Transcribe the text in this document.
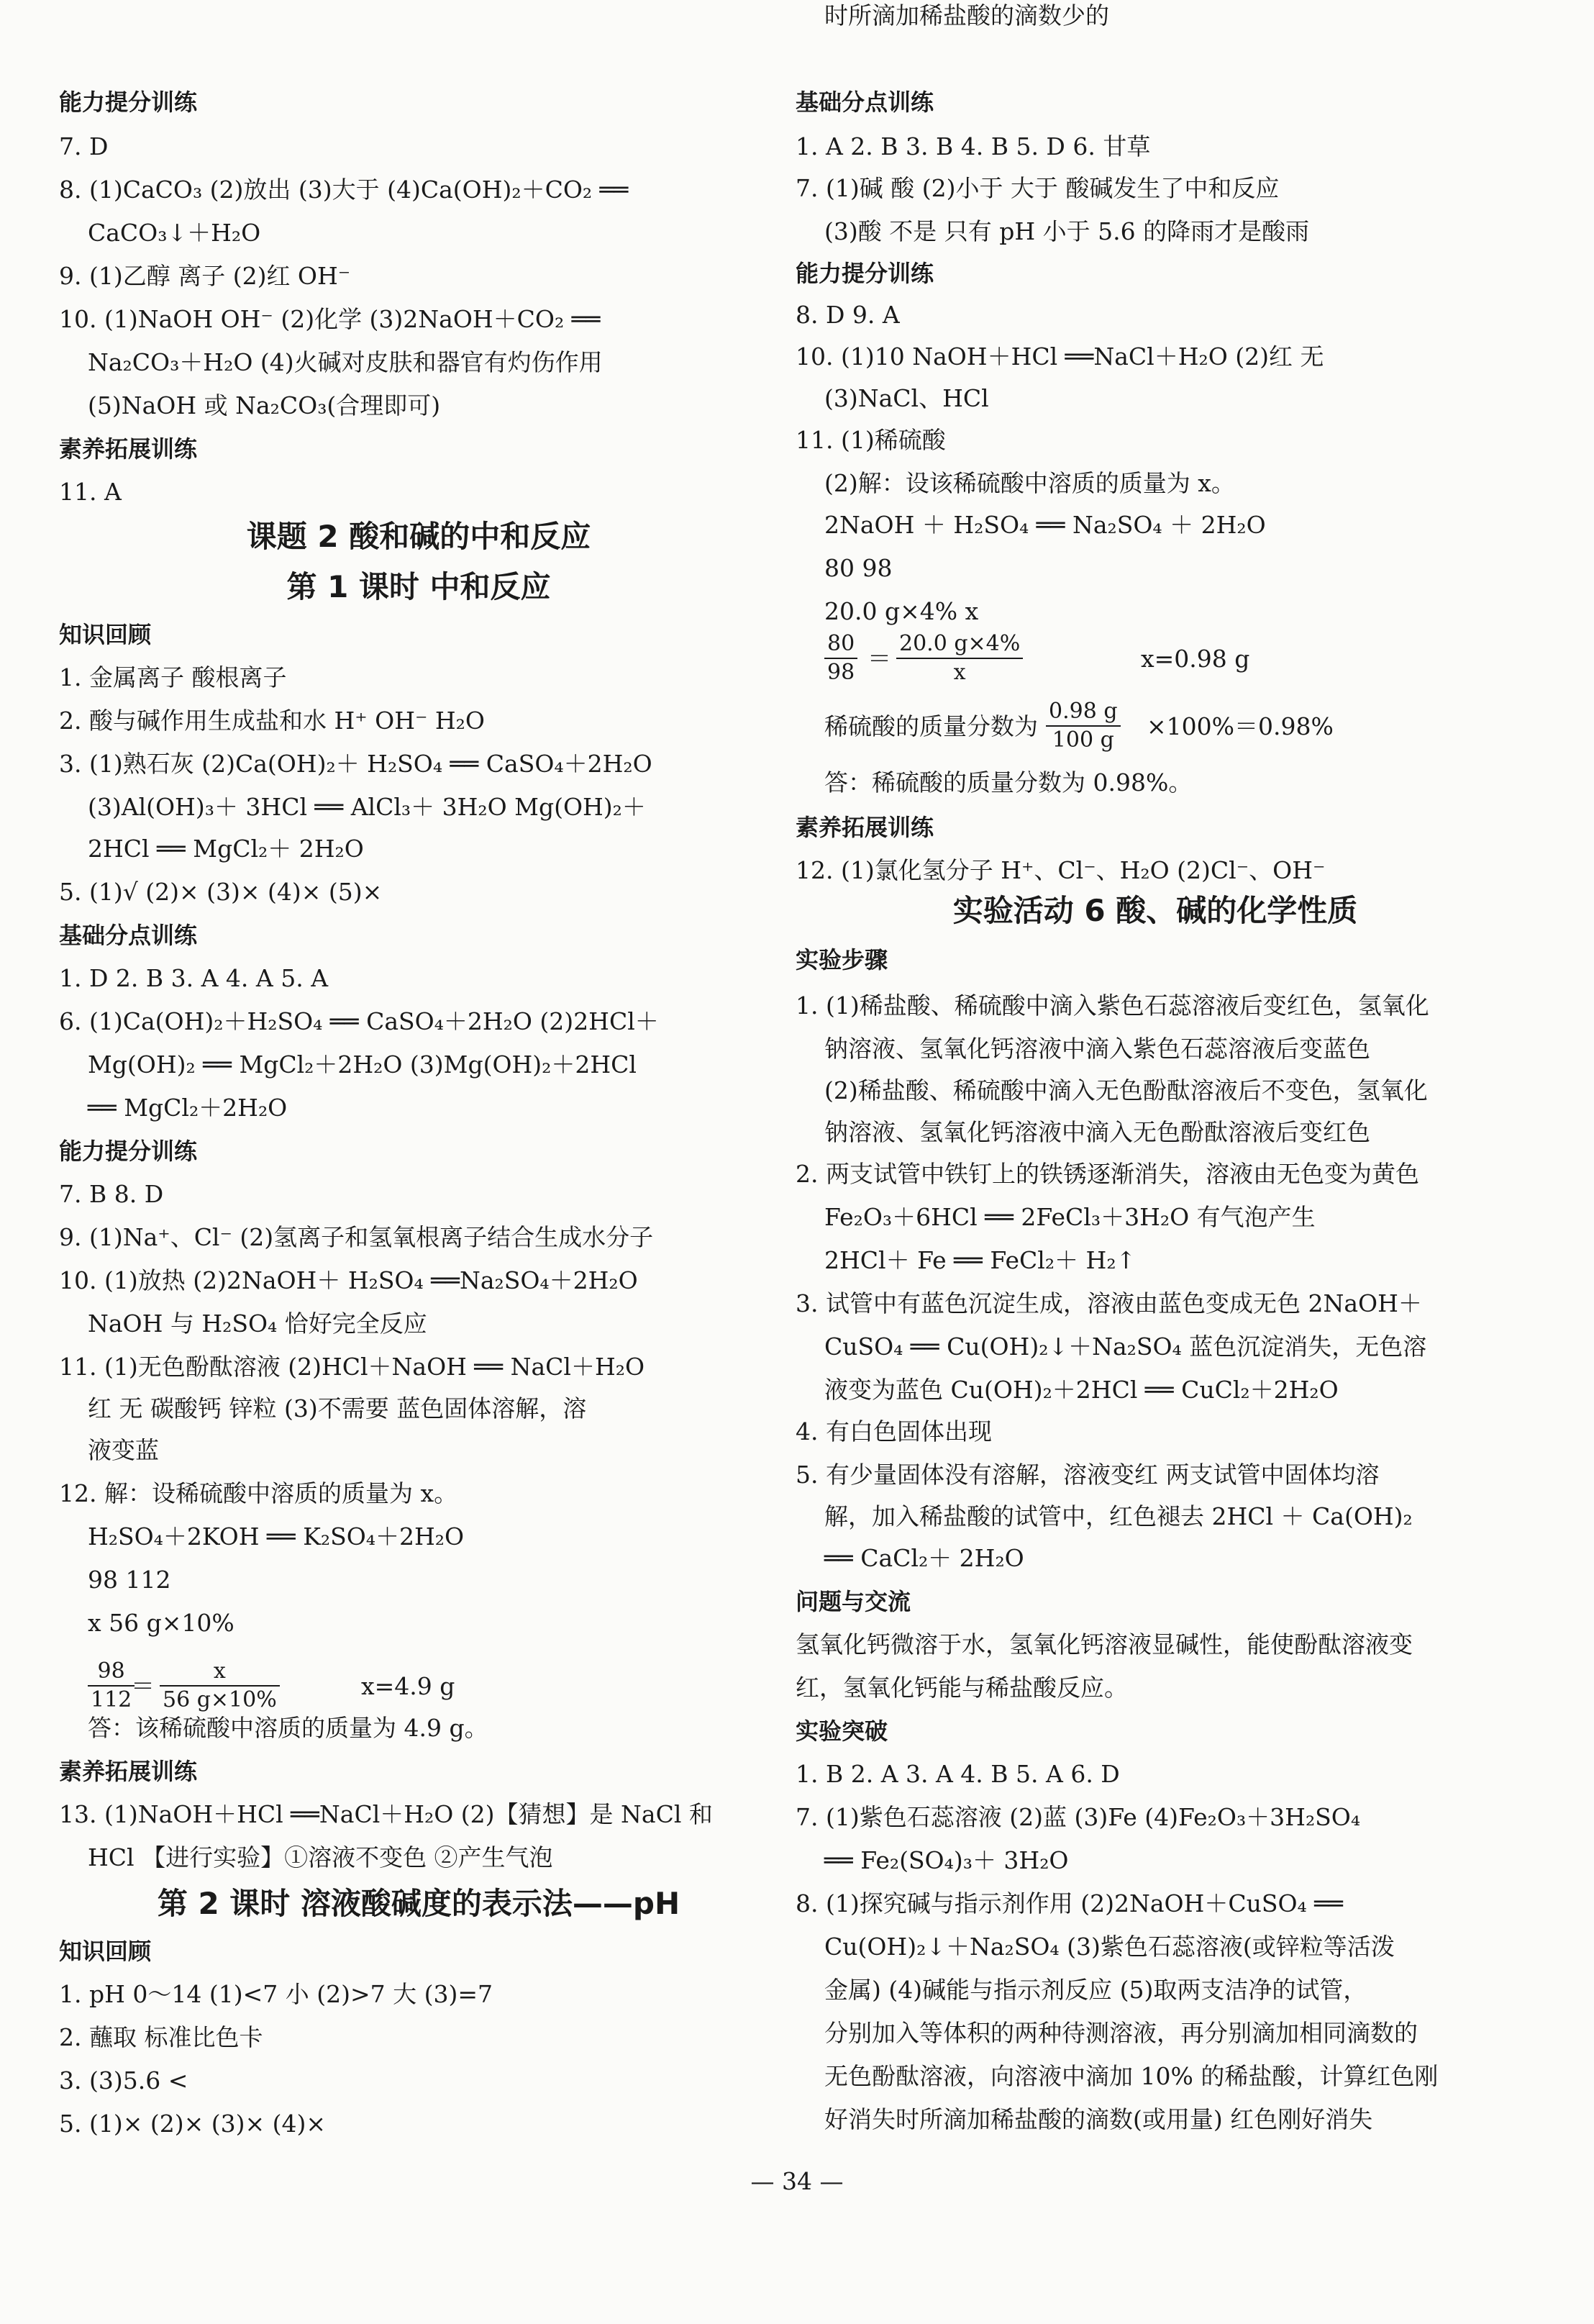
能力提分训练
7. D
8. (1)CaCO₃ (2)放出 (3)大于 (4)Ca(OH)₂＋CO₂ ══
CaCO₃↓＋H₂O
9. (1)乙醇 离子 (2)红 OH⁻
10. (1)NaOH OH⁻ (2)化学 (3)2NaOH＋CO₂ ══
Na₂CO₃＋H₂O (4)火碱对皮肤和器官有灼伤作用
(5)NaOH 或 Na₂CO₃(合理即可)
素养拓展训练
11. A
课题 2 酸和碱的中和反应
第 1 课时 中和反应
知识回顾
1. 金属离子 酸根离子
2. 酸与碱作用生成盐和水 H⁺ OH⁻ H₂O
3. (1)熟石灰 (2)Ca(OH)₂＋ H₂SO₄ ══ CaSO₄＋2H₂O
(3)Al(OH)₃＋ 3HCl ══ AlCl₃＋ 3H₂O Mg(OH)₂＋
2HCl ══ MgCl₂＋ 2H₂O
5. (1)√ (2)× (3)× (4)× (5)×
基础分点训练
1. D 2. B 3. A 4. A 5. A
6. (1)Ca(OH)₂＋H₂SO₄ ══ CaSO₄＋2H₂O (2)2HCl＋
Mg(OH)₂ ══ MgCl₂＋2H₂O (3)Mg(OH)₂＋2HCl
══ MgCl₂＋2H₂O
能力提分训练
7. B 8. D
9. (1)Na⁺、Cl⁻ (2)氢离子和氢氧根离子结合生成水分子
10. (1)放热 (2)2NaOH＋ H₂SO₄ ══Na₂SO₄＋2H₂O
NaOH 与 H₂SO₄ 恰好完全反应
11. (1)无色酚酞溶液 (2)HCl＋NaOH ══ NaCl＋H₂O
红 无 碳酸钙 锌粒 (3)不需要 蓝色固体溶解，溶
液变蓝
12. 解：设稀硫酸中溶质的质量为 x。
H₂SO₄＋2KOH ══ K₂SO₄＋2H₂O
98 112
x 56 g×10%
$\frac{98}{112}$
＝ $\frac{x}{56 g\times 10\%}$	x=4.9 g
答：该稀硫酸中溶质的质量为 4.9 g。
素养拓展训练
13. (1)NaOH＋HCl ══NaCl＋H₂O (2)【猜想】是 NaCl 和
HCl 【进行实验】①溶液不变色 ②产生气泡
第 2 课时 溶液酸碱度的表示法——pH
知识回顾
1. pH 0～14 (1)<7 小 (2)>7 大 (3)=7
2. 蘸取 标准比色卡
3. (3)5.6 <
5. (1)× (2)× (3)× (4)×
基础分点训练
1. A 2. B 3. B 4. B 5. D 6. 甘草
7. (1)碱 酸 (2)小于 大于 酸碱发生了中和反应
(3)酸 不是 只有 pH 小于 5.6 的降雨才是酸雨
能力提分训练
8. D 9. A
10. (1)10 NaOH＋HCl ══NaCl＋H₂O (2)红 无
(3)NaCl、HCl
11. (1)稀硫酸
(2)解：设该稀硫酸中溶质的质量为 x。
2NaOH ＋ H₂SO₄ ══ Na₂SO₄ ＋ 2H₂O
80 98
20.0 g×4% x
$\frac{80}{98} = \frac{20.0 g\times 4\%}{x}$	x=0.98 g
稀硫酸的质量分数为 $\frac{0.98 g}{100 g} \times 100\%=0.98\%$
答：稀硫酸的质量分数为 0.98%。
素养拓展训练
12. (1)氯化氢分子 H⁺、Cl⁻、H₂O (2)Cl⁻、OH⁻
实验活动 6 酸、碱的化学性质
实验步骤
1. (1)稀盐酸、稀硫酸中滴入紫色石蕊溶液后变红色，氢氧化
钠溶液、氢氧化钙溶液中滴入紫色石蕊溶液后变蓝色
(2)稀盐酸、稀硫酸中滴入无色酚酞溶液后不变色，氢氧化
钠溶液、氢氧化钙溶液中滴入无色酚酞溶液后变红色
2. 两支试管中铁钉上的铁锈逐渐消失，溶液由无色变为黄色
Fe₂O₃＋6HCl ══ 2FeCl₃＋3H₂O 有气泡产生
2HCl＋ Fe ══ FeCl₂＋ H₂↑
3. 试管中有蓝色沉淀生成，溶液由蓝色变成无色 2NaOH＋
CuSO₄ ══ Cu(OH)₂↓＋Na₂SO₄ 蓝色沉淀消失，无色溶
液变为蓝色 Cu(OH)₂＋2HCl ══ CuCl₂＋2H₂O
4. 有白色固体出现
5. 有少量固体没有溶解，溶液变红 两支试管中固体均溶
解，加入稀盐酸的试管中，红色褪去 2HCl ＋ Ca(OH)₂
══ CaCl₂＋ 2H₂O
问题与交流
氢氧化钙微溶于水，氢氧化钙溶液显碱性，能使酚酞溶液变
红，氢氧化钙能与稀盐酸反应。
实验突破
1. B 2. A 3. A 4. B 5. A 6. D
7. (1)紫色石蕊溶液 (2)蓝 (3)Fe (4)Fe₂O₃＋3H₂SO₄
══ Fe₂(SO₄)₃＋ 3H₂O
8. (1)探究碱与指示剂作用 (2)2NaOH＋CuSO₄ ══
Cu(OH)₂↓＋Na₂SO₄ (3)紫色石蕊溶液(或锌粒等活泼
金属) (4)碱能与指示剂反应 (5)取两支洁净的试管，
分别加入等体积的两种待测溶液，再分别滴加相同滴数的
无色酚酞溶液，向溶液中滴加 10% 的稀盐酸，计算红色刚
好消失时所滴加稀盐酸的滴数(或用量) 红色刚好消失
时所滴加稀盐酸的滴数少的
— 34 —
